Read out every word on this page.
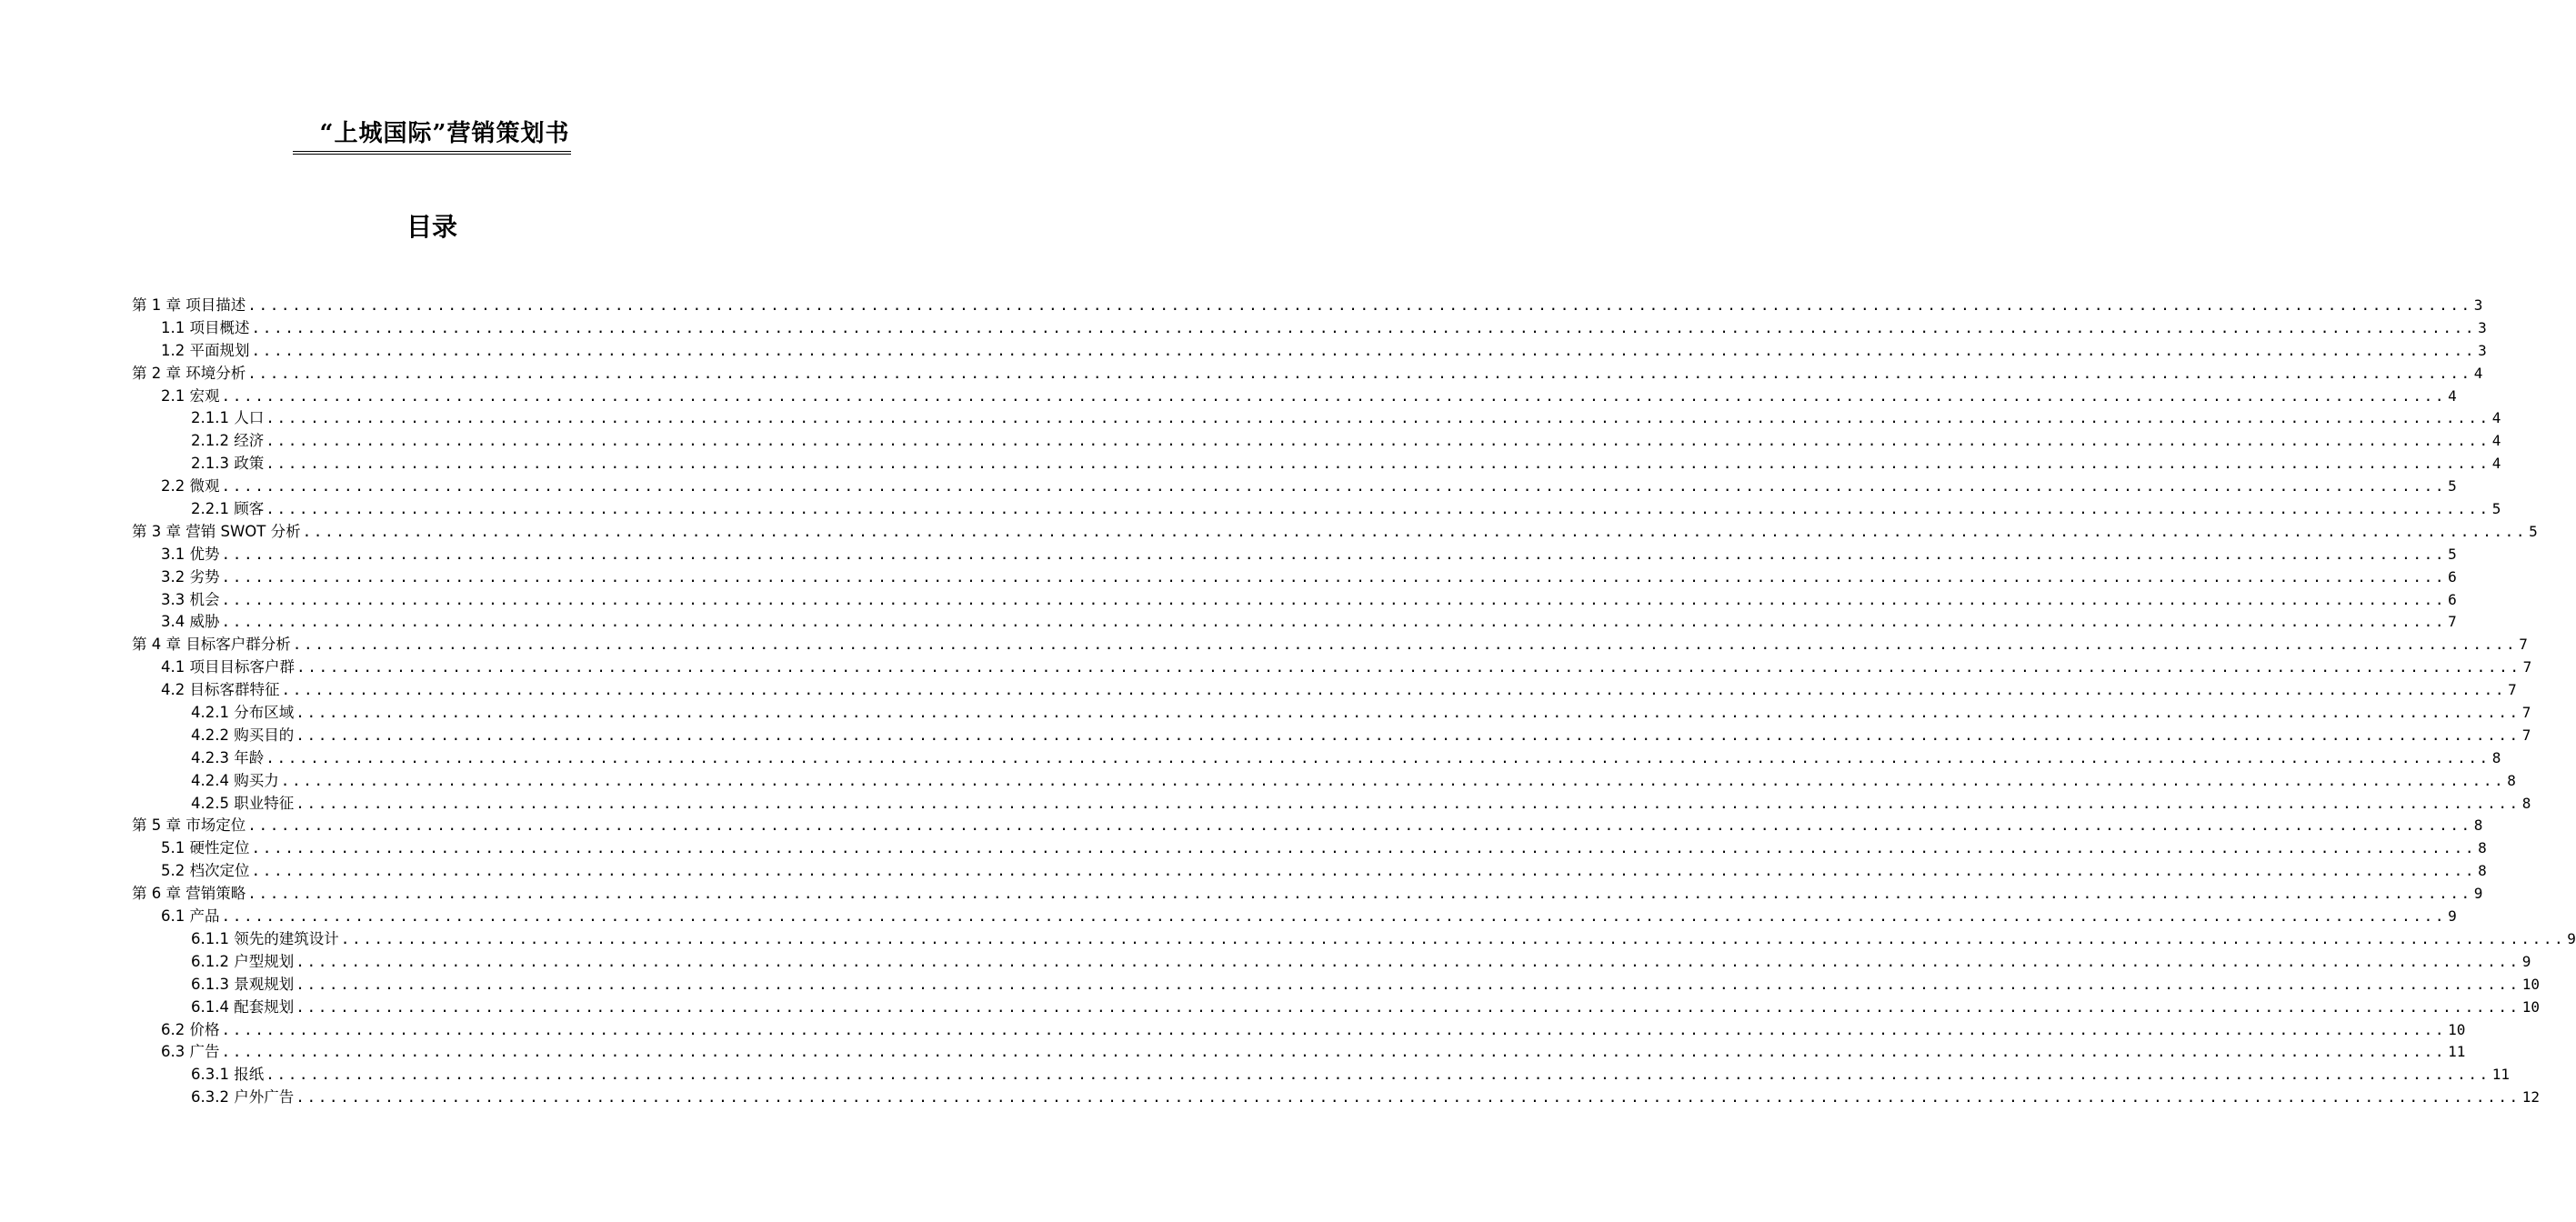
“上城国际”营销策划书
目录
第 1 章 项目描述 ........................................................................................................................................................................................................ 3
1.1 项目概述 ........................................................................................................................................................................................................ 3
1.2 平面规划 ........................................................................................................................................................................................................ 3
第 2 章 环境分析 ........................................................................................................................................................................................................ 4
2.1 宏观 ........................................................................................................................................................................................................ 4
2.1.1 人口 ........................................................................................................................................................................................................ 4
2.1.2 经济 ........................................................................................................................................................................................................ 4
2.1.3 政策 ........................................................................................................................................................................................................ 4
2.2 微观 ........................................................................................................................................................................................................ 5
2.2.1 顾客 ........................................................................................................................................................................................................ 5
第 3 章 营销 SWOT 分析 ........................................................................................................................................................................................................ 5
3.1 优势 ........................................................................................................................................................................................................ 5
3.2 劣势 ........................................................................................................................................................................................................ 6
3.3 机会 ........................................................................................................................................................................................................ 6
3.4 威胁 ........................................................................................................................................................................................................ 7
第 4 章 目标客户群分析 ........................................................................................................................................................................................................ 7
4.1 项目目标客户群 ........................................................................................................................................................................................................ 7
4.2 目标客群特征 ........................................................................................................................................................................................................ 7
4.2.1 分布区域 ........................................................................................................................................................................................................ 7
4.2.2 购买目的 ........................................................................................................................................................................................................ 7
4.2.3 年龄 ........................................................................................................................................................................................................ 8
4.2.4 购买力 ........................................................................................................................................................................................................ 8
4.2.5 职业特征 ........................................................................................................................................................................................................ 8
第 5 章 市场定位 ........................................................................................................................................................................................................ 8
5.1 硬性定位 ........................................................................................................................................................................................................ 8
5.2 档次定位 ........................................................................................................................................................................................................ 8
第 6 章 营销策略 ........................................................................................................................................................................................................ 9
6.1 产品 ........................................................................................................................................................................................................ 9
6.1.1 领先的建筑设计 ........................................................................................................................................................................................................ 9
6.1.2 户型规划 ........................................................................................................................................................................................................ 9
6.1.3 景观规划 ........................................................................................................................................................................................................ 10
6.1.4 配套规划 ........................................................................................................................................................................................................ 10
6.2 价格 ........................................................................................................................................................................................................ 10
6.3 广告 ........................................................................................................................................................................................................ 11
6.3.1 报纸 ........................................................................................................................................................................................................ 11
6.3.2 户外广告 ........................................................................................................................................................................................................ 12
